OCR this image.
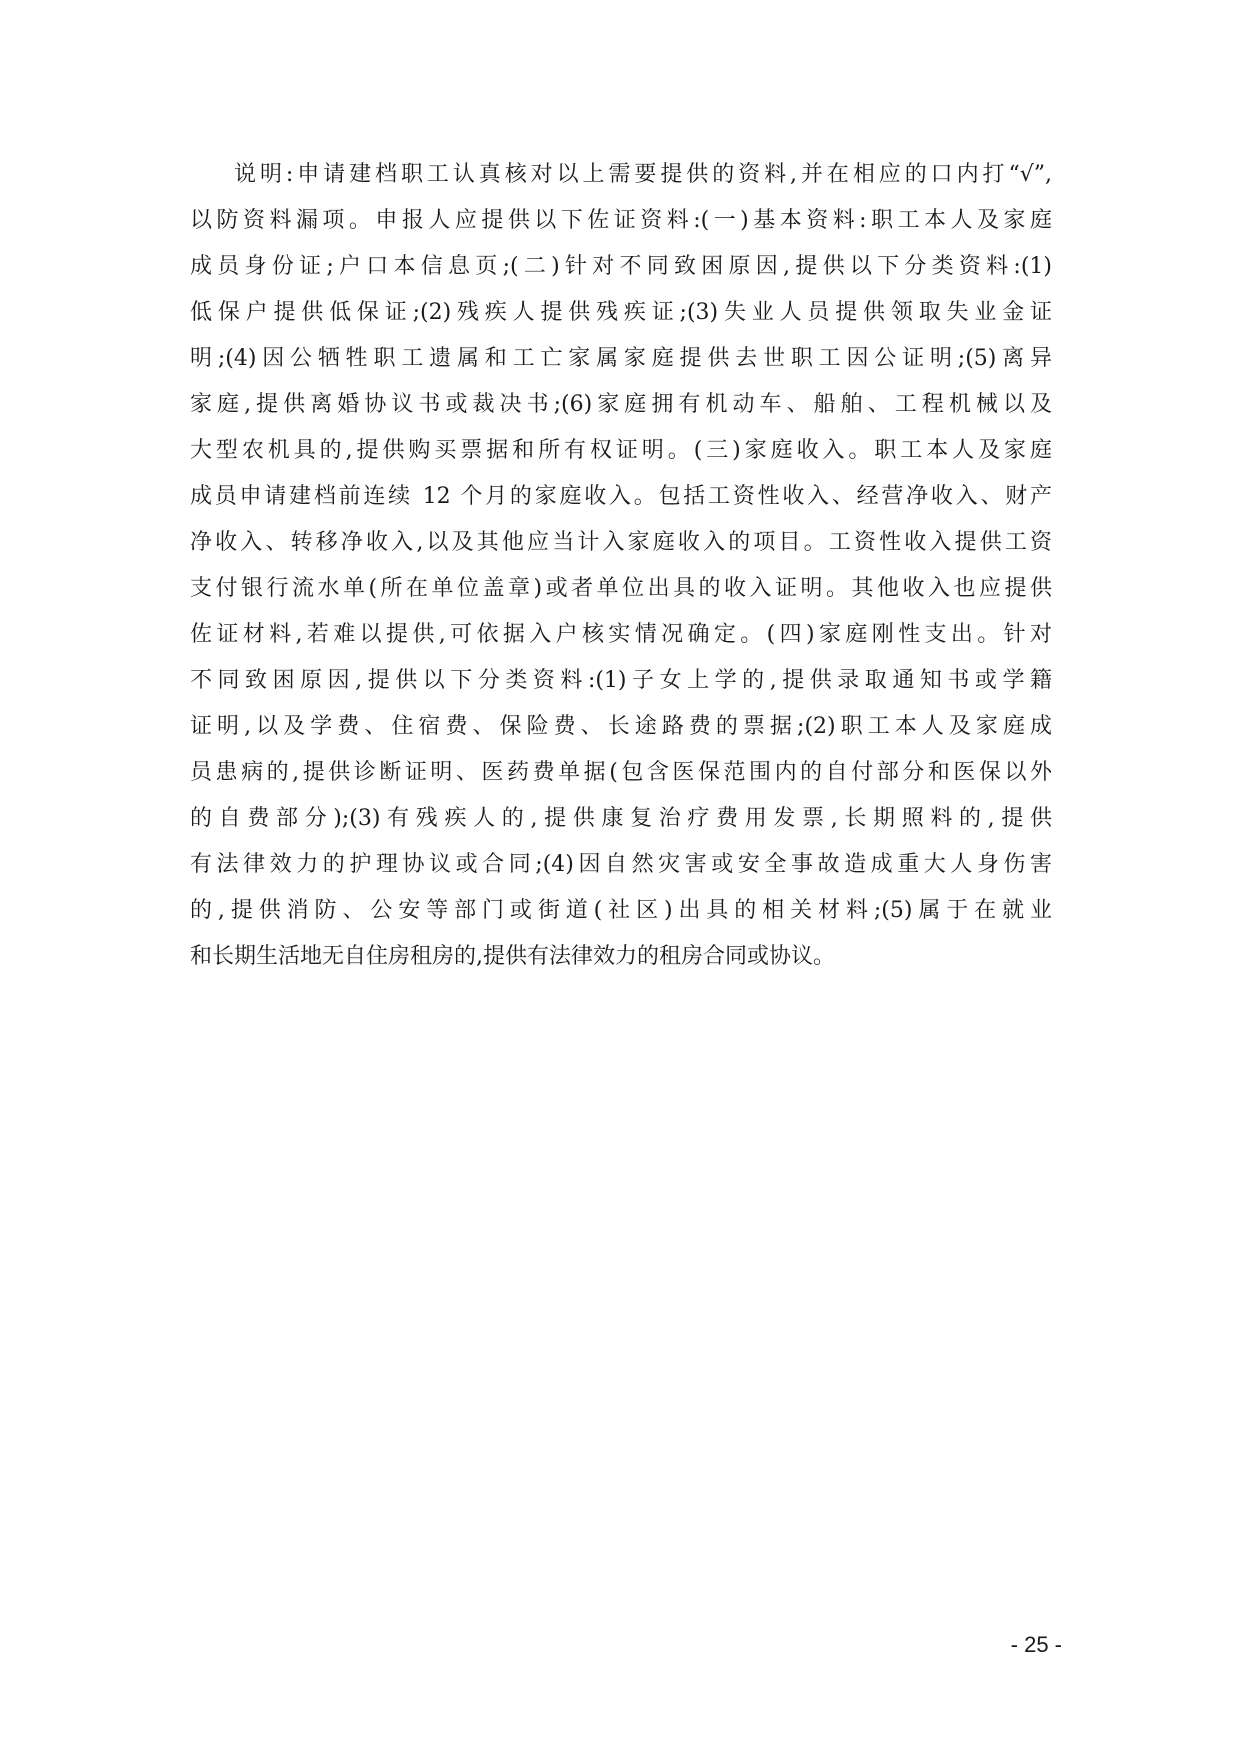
说明:申请建档职工认真核对以上需要提供的资料,并在相应的口内打“√”,
以防资料漏项。申报人应提供以下佐证资料:(一)基本资料:职工本人及家庭
成员身份证;户口本信息页;(二)针对不同致困原因,提供以下分类资料:(1)
低保户提供低保证;(2)残疾人提供残疾证;(3)失业人员提供领取失业金证
明;(4)因公牺牲职工遗属和工亡家属家庭提供去世职工因公证明;(5)离异
家庭,提供离婚协议书或裁决书;(6)家庭拥有机动车、船舶、工程机械以及
大型农机具的,提供购买票据和所有权证明。(三)家庭收入。职工本人及家庭
成员申请建档前连续 12 个月的家庭收入。包括工资性收入、经营净收入、财产
净收入、转移净收入,以及其他应当计入家庭收入的项目。工资性收入提供工资
支付银行流水单(所在单位盖章)或者单位出具的收入证明。其他收入也应提供
佐证材料,若难以提供,可依据入户核实情况确定。(四)家庭刚性支出。针对
不同致困原因,提供以下分类资料:(1)子女上学的,提供录取通知书或学籍
证明,以及学费、住宿费、保险费、长途路费的票据;(2)职工本人及家庭成
员患病的,提供诊断证明、医药费单据(包含医保范围内的自付部分和医保以外
的自费部分);(3)有残疾人的,提供康复治疗费用发票,长期照料的,提供
有法律效力的护理协议或合同;(4)因自然灾害或安全事故造成重大人身伤害
的,提供消防、公安等部门或街道(社区)出具的相关材料;(5)属于在就业
和长期生活地无自住房租房的,提供有法律效力的租房合同或协议。
- 25 -
